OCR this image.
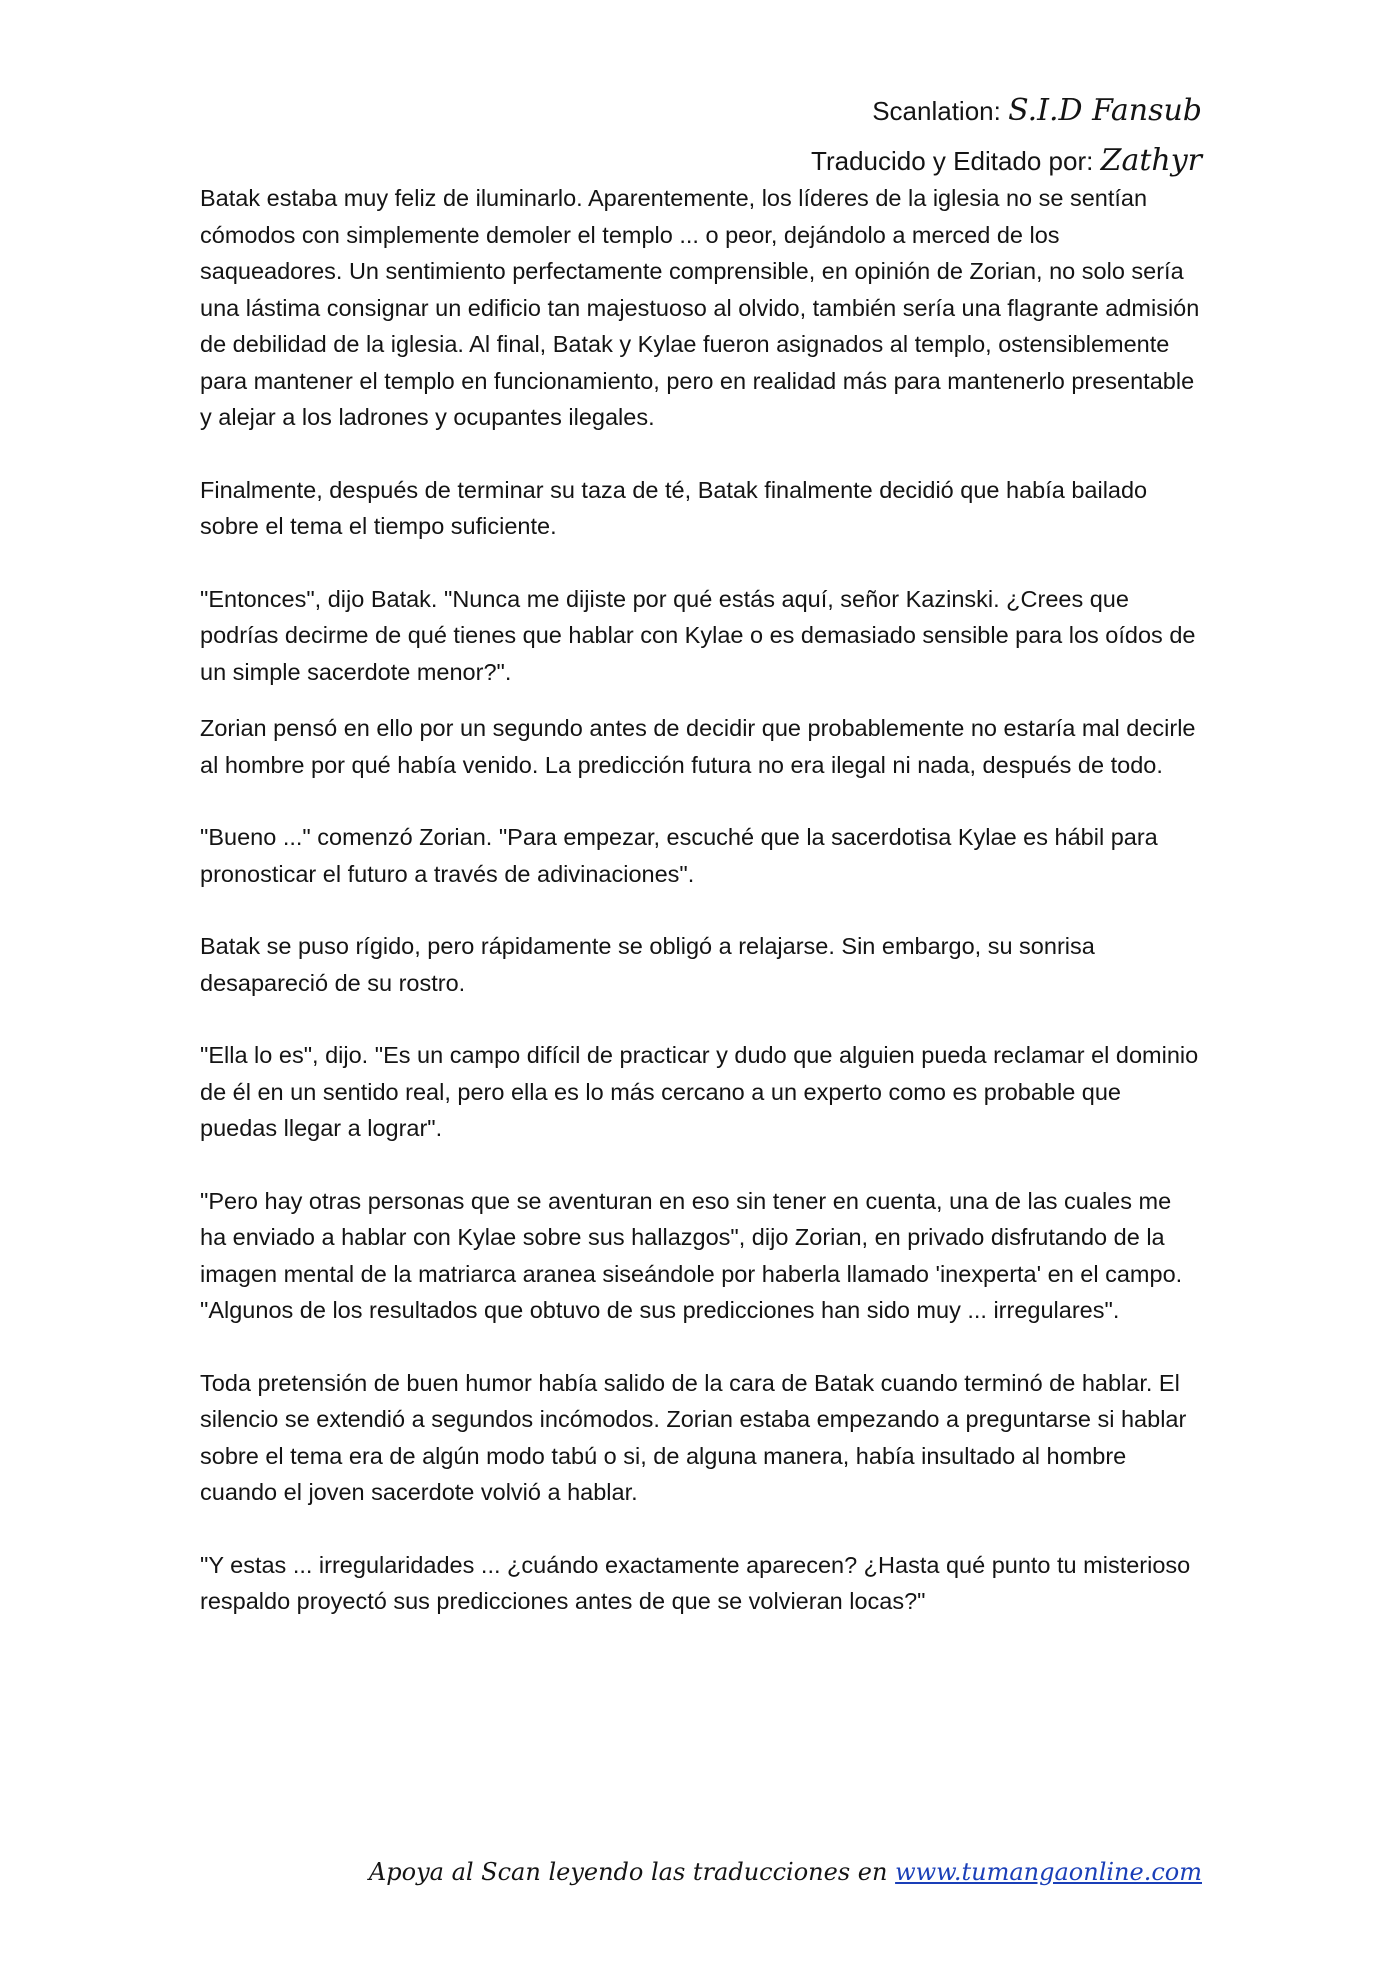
Scanlation: S.I.D Fansub
Traducido y Editado por: Zathyr

Batak estaba muy feliz de iluminarlo. Aparentemente, los líderes de la iglesia no se sentían cómodos con simplemente demoler el templo ... o peor, dejándolo a merced de los saqueadores. Un sentimiento perfectamente comprensible, en opinión de Zorian, no solo sería una lástima consignar un edificio tan majestuoso al olvido, también sería una flagrante admisión de debilidad de la iglesia. Al final, Batak y Kylae fueron asignados al templo, ostensiblemente para mantener el templo en funcionamiento, pero en realidad más para mantenerlo presentable y alejar a los ladrones y ocupantes ilegales.

Finalmente, después de terminar su taza de té, Batak finalmente decidió que había bailado sobre el tema el tiempo suficiente.

"Entonces", dijo Batak. "Nunca me dijiste por qué estás aquí, señor Kazinski. ¿Crees que podrías decirme de qué tienes que hablar con Kylae o es demasiado sensible para los oídos de un simple sacerdote menor?".

Zorian pensó en ello por un segundo antes de decidir que probablemente no estaría mal decirle al hombre por qué había venido. La predicción futura no era ilegal ni nada, después de todo.

"Bueno ..." comenzó Zorian. "Para empezar, escuché que la sacerdotisa Kylae es hábil para pronosticar el futuro a través de adivinaciones".

Batak se puso rígido, pero rápidamente se obligó a relajarse. Sin embargo, su sonrisa desapareció de su rostro.

"Ella lo es", dijo. "Es un campo difícil de practicar y dudo que alguien pueda reclamar el dominio de él en un sentido real, pero ella es lo más cercano a un experto como es probable que puedas llegar a lograr".

"Pero hay otras personas que se aventuran en eso sin tener en cuenta, una de las cuales me ha enviado a hablar con Kylae sobre sus hallazgos", dijo Zorian, en privado disfrutando de la imagen mental de la matriarca aranea siseándole por haberla llamado 'inexperta' en el campo. "Algunos de los resultados que obtuvo de sus predicciones han sido muy ... irregulares".

Toda pretensión de buen humor había salido de la cara de Batak cuando terminó de hablar. El silencio se extendió a segundos incómodos. Zorian estaba empezando a preguntarse si hablar sobre el tema era de algún modo tabú o si, de alguna manera, había insultado al hombre cuando el joven sacerdote volvió a hablar.

"Y estas ... irregularidades ... ¿cuándo exactamente aparecen? ¿Hasta qué punto tu misterioso respaldo proyectó sus predicciones antes de que se volvieran locas?"

Apoya al Scan leyendo las traducciones en www.tumangaonline.com
